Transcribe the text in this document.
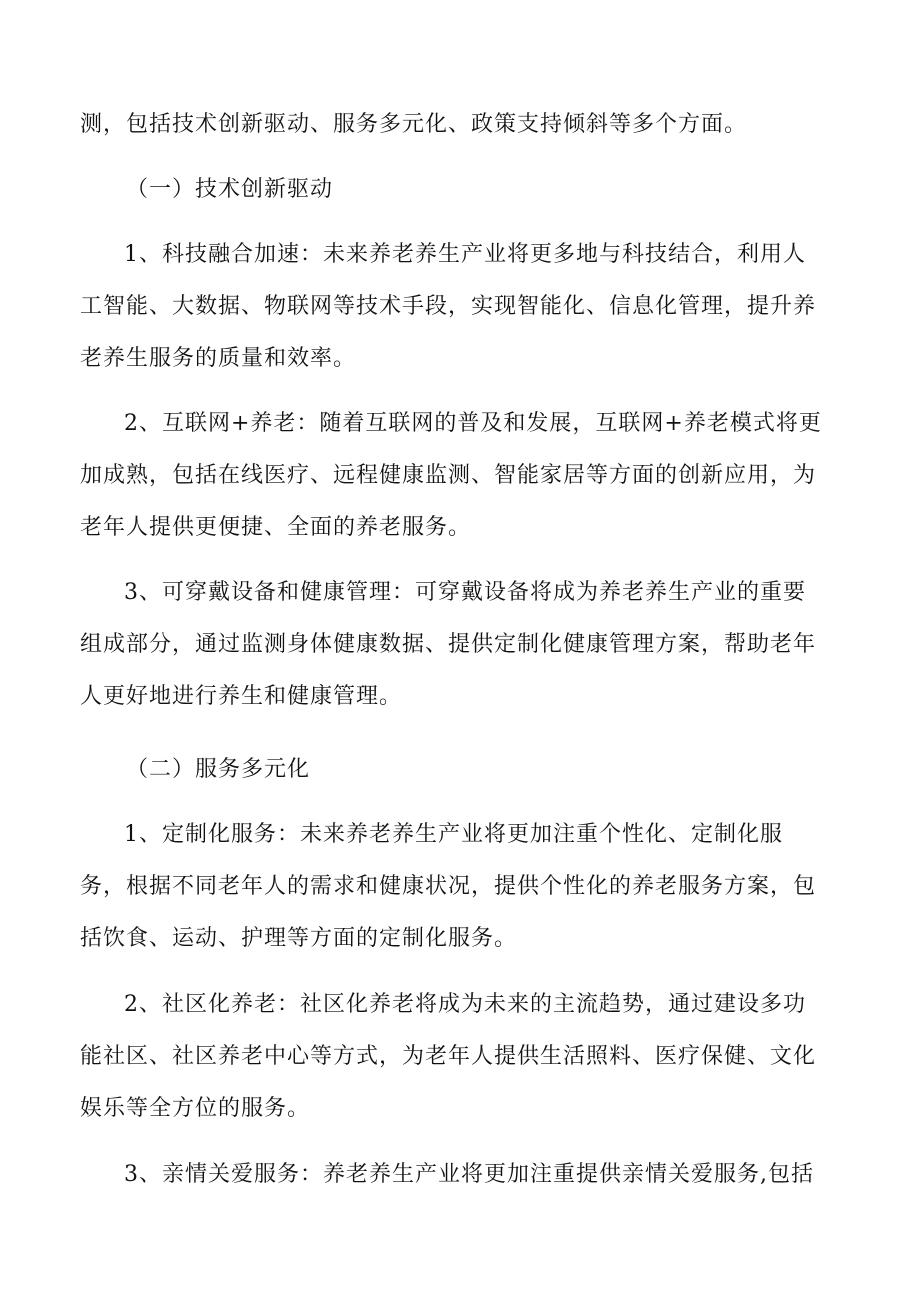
测，包括技术创新驱动、服务多元化、政策支持倾斜等多个方面。
（一）技术创新驱动
1、科技融合加速：未来养老养生产业将更多地与科技结合，利用人
工智能、大数据、物联网等技术手段，实现智能化、信息化管理，提升养
老养生服务的质量和效率。
2、互联网+养老：随着互联网的普及和发展，互联网+养老模式将更
加成熟，包括在线医疗、远程健康监测、智能家居等方面的创新应用，为
老年人提供更便捷、全面的养老服务。
3、可穿戴设备和健康管理：可穿戴设备将成为养老养生产业的重要
组成部分，通过监测身体健康数据、提供定制化健康管理方案，帮助老年
人更好地进行养生和健康管理。
（二）服务多元化
1、定制化服务：未来养老养生产业将更加注重个性化、定制化服
务，根据不同老年人的需求和健康状况，提供个性化的养老服务方案，包
括饮食、运动、护理等方面的定制化服务。
2、社区化养老：社区化养老将成为未来的主流趋势，通过建设多功
能社区、社区养老中心等方式，为老年人提供生活照料、医疗保健、文化
娱乐等全方位的服务。
3、亲情关爱服务：养老养生产业将更加注重提供亲情关爱服务,包括
